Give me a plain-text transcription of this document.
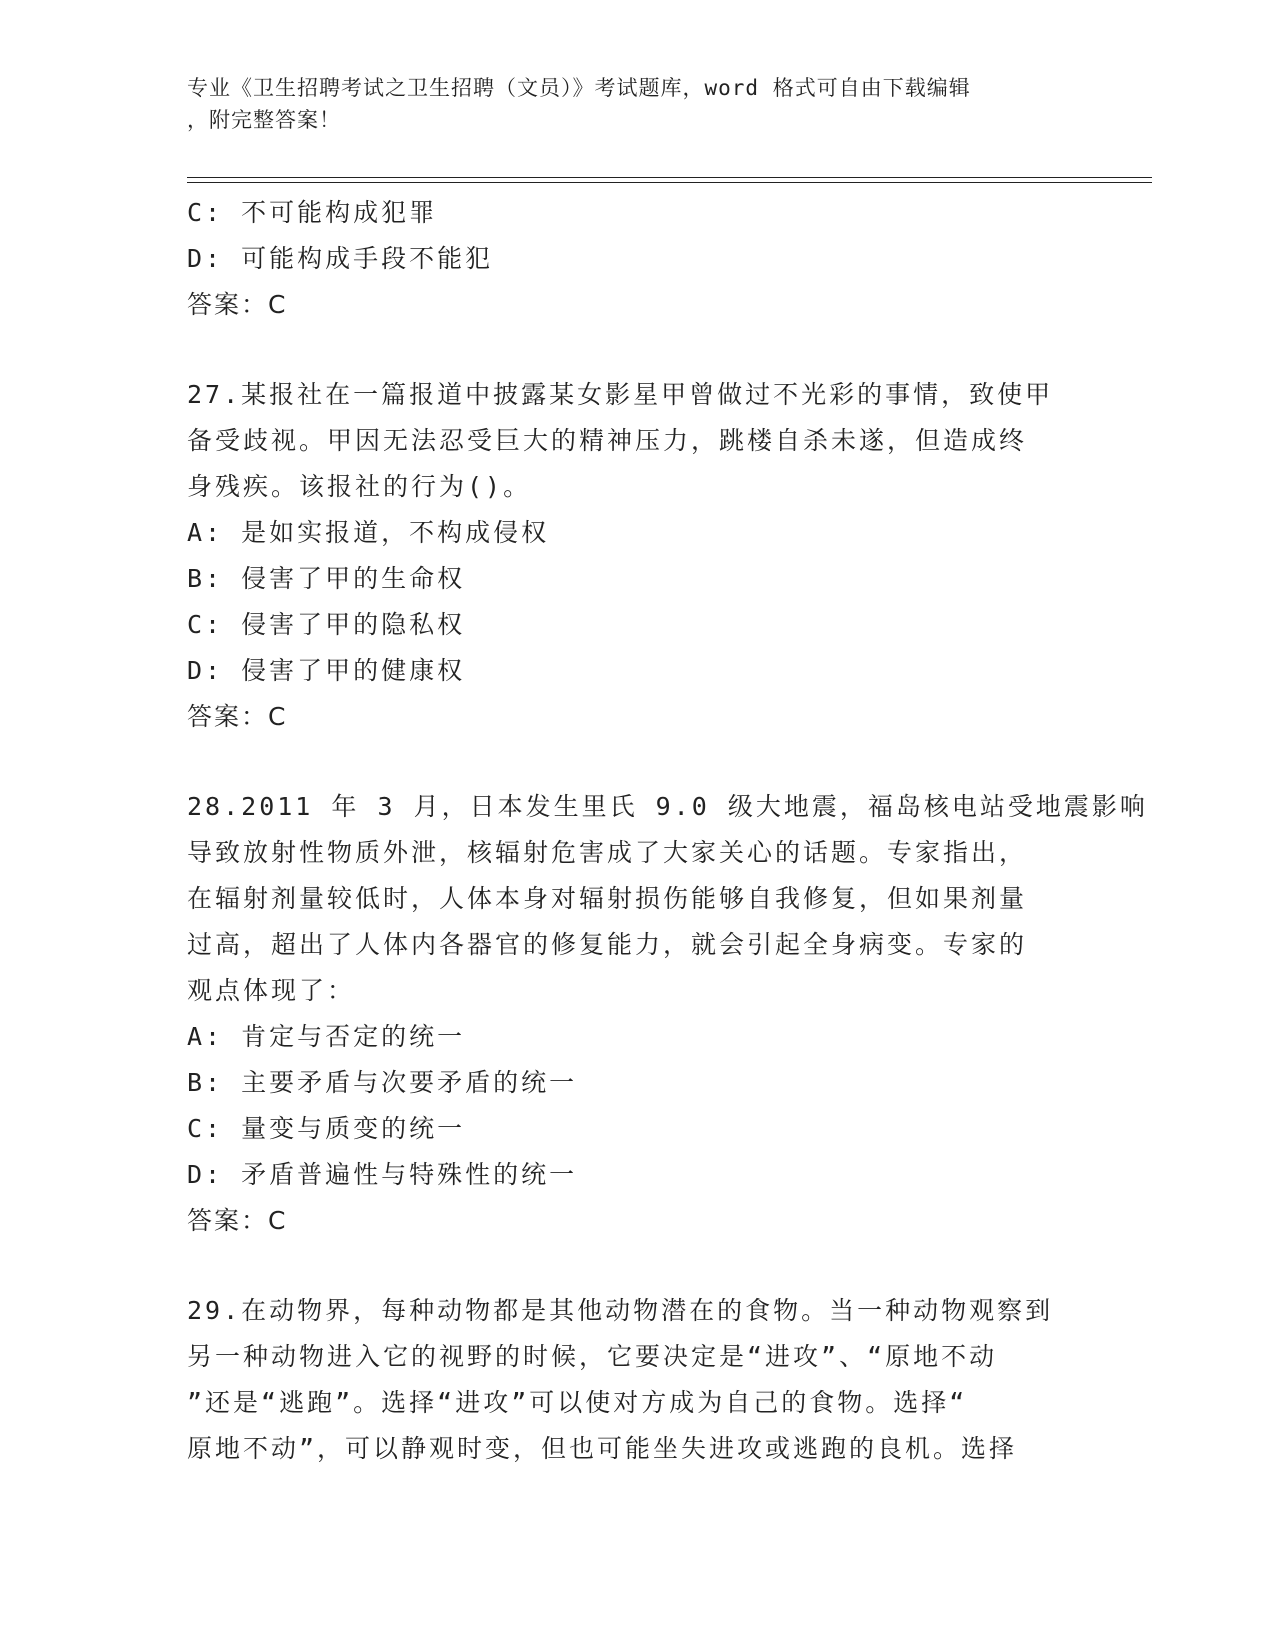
专业《卫生招聘考试之卫生招聘（文员）》考试题库，word 格式可自由下载编辑
，附完整答案！
C: 不可能构成犯罪
D: 可能构成手段不能犯
答案：C
27.某报社在一篇报道中披露某女影星甲曾做过不光彩的事情，致使甲
备受歧视。甲因无法忍受巨大的精神压力，跳楼自杀未遂，但造成终
身残疾。该报社的行为()。
A: 是如实报道，不构成侵权
B: 侵害了甲的生命权
C: 侵害了甲的隐私权
D: 侵害了甲的健康权
答案：C
28.2011 年 3 月，日本发生里氏 9.0 级大地震，福岛核电站受地震影响
导致放射性物质外泄，核辐射危害成了大家关心的话题。专家指出，
在辐射剂量较低时，人体本身对辐射损伤能够自我修复，但如果剂量
过高，超出了人体内各器官的修复能力，就会引起全身病变。专家的
观点体现了：
A: 肯定与否定的统一
B: 主要矛盾与次要矛盾的统一
C: 量变与质变的统一
D: 矛盾普遍性与特殊性的统一
答案：C
29.在动物界，每种动物都是其他动物潜在的食物。当一种动物观察到
另一种动物进入它的视野的时候，它要决定是“进攻”、“原地不动
”还是“逃跑”。选择“进攻”可以使对方成为自己的食物。选择“
原地不动”，可以静观时变，但也可能坐失进攻或逃跑的良机。选择
